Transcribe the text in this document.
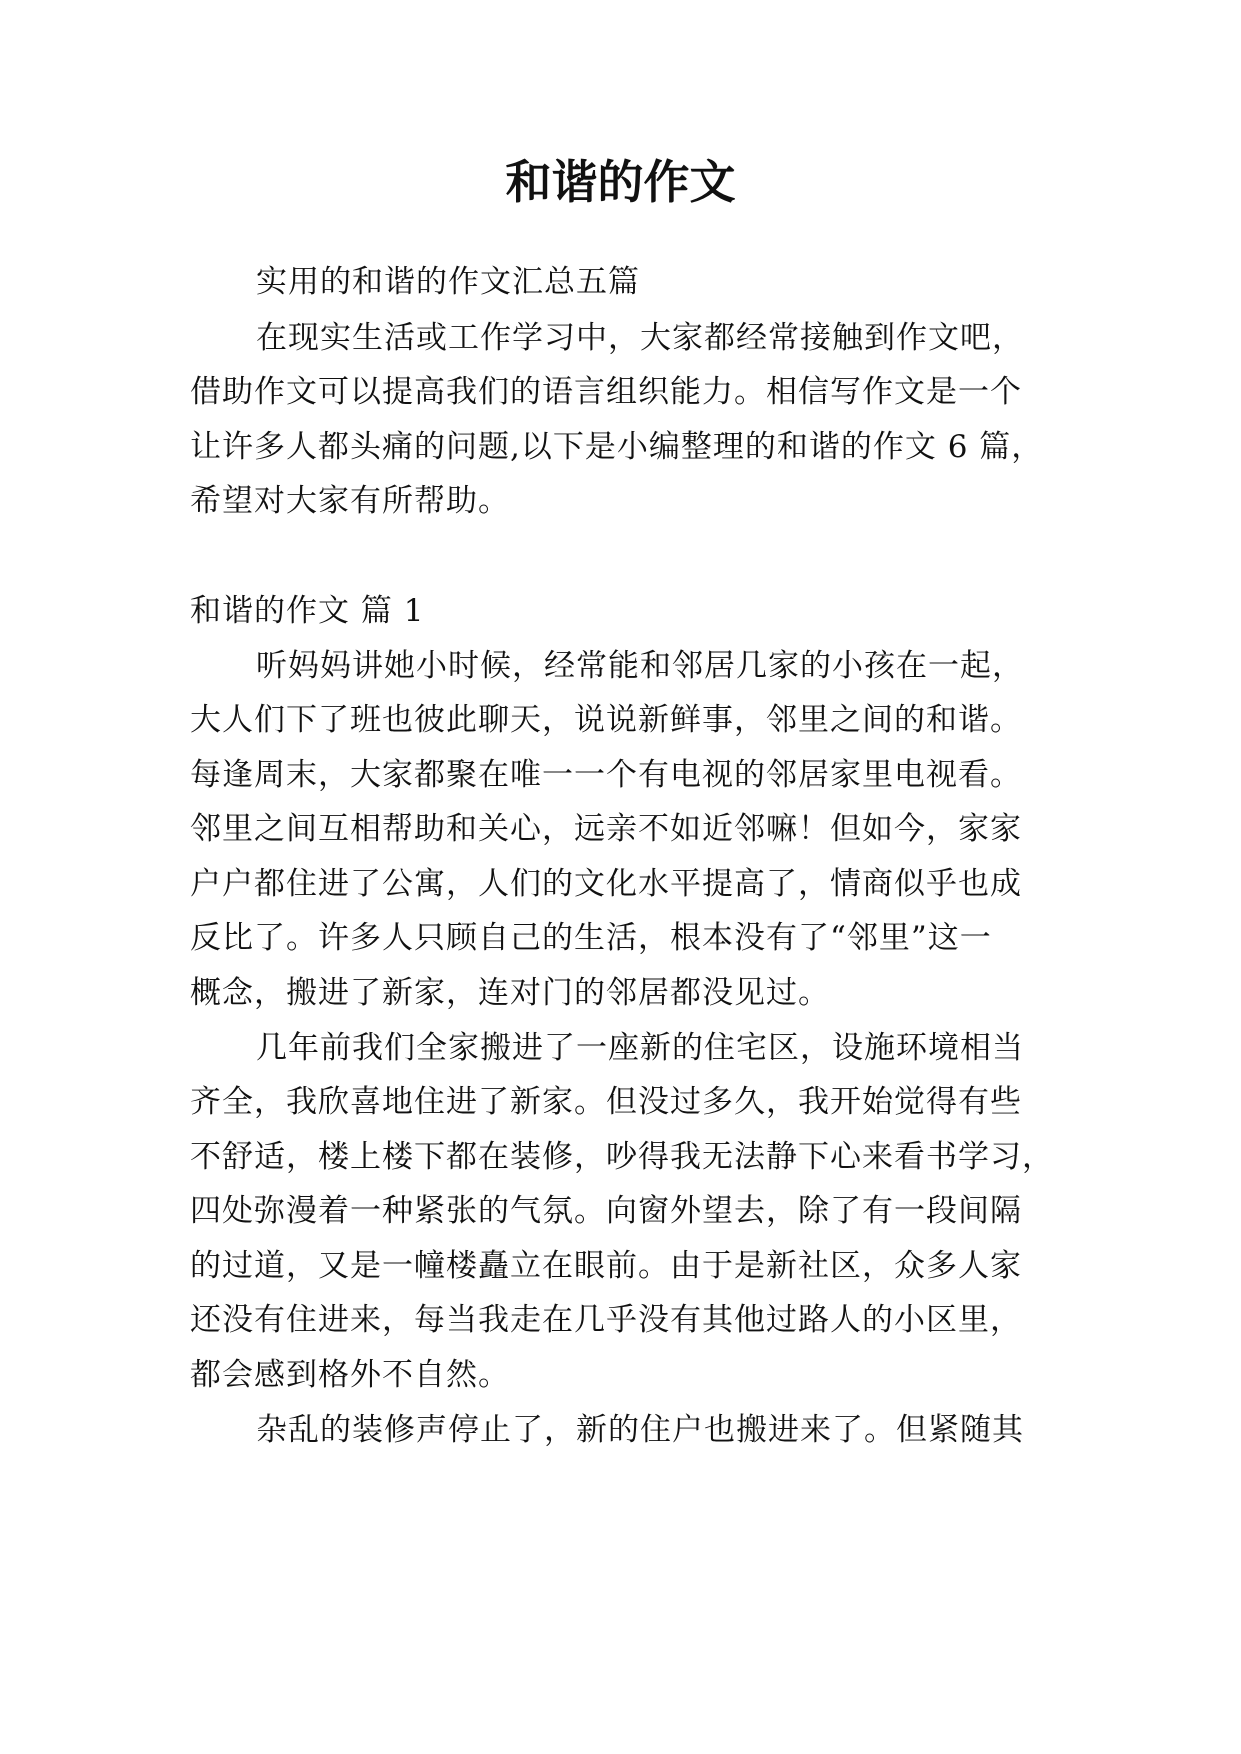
和谐的作文
实用的和谐的作文汇总五篇
在现实生活或工作学习中，大家都经常接触到作文吧，
借助作文可以提高我们的语言组织能力。相信写作文是一个
让许多人都头痛的问题,以下是小编整理的和谐的作文 6 篇，
希望对大家有所帮助。
和谐的作文 篇 1
听妈妈讲她小时候，经常能和邻居几家的小孩在一起，
大人们下了班也彼此聊天，说说新鲜事，邻里之间的和谐。
每逢周末，大家都聚在唯一一个有电视的邻居家里电视看。
邻里之间互相帮助和关心，远亲不如近邻嘛！但如今，家家
户户都住进了公寓，人们的文化水平提高了，情商似乎也成
反比了。许多人只顾自己的生活，根本没有了“邻里”这一
概念，搬进了新家，连对门的邻居都没见过。
几年前我们全家搬进了一座新的住宅区，设施环境相当
齐全，我欣喜地住进了新家。但没过多久，我开始觉得有些
不舒适，楼上楼下都在装修，吵得我无法静下心来看书学习，
四处弥漫着一种紧张的气氛。向窗外望去，除了有一段间隔
的过道，又是一幢楼矗立在眼前。由于是新社区，众多人家
还没有住进来，每当我走在几乎没有其他过路人的小区里，
都会感到格外不自然。
杂乱的装修声停止了，新的住户也搬进来了。但紧随其
